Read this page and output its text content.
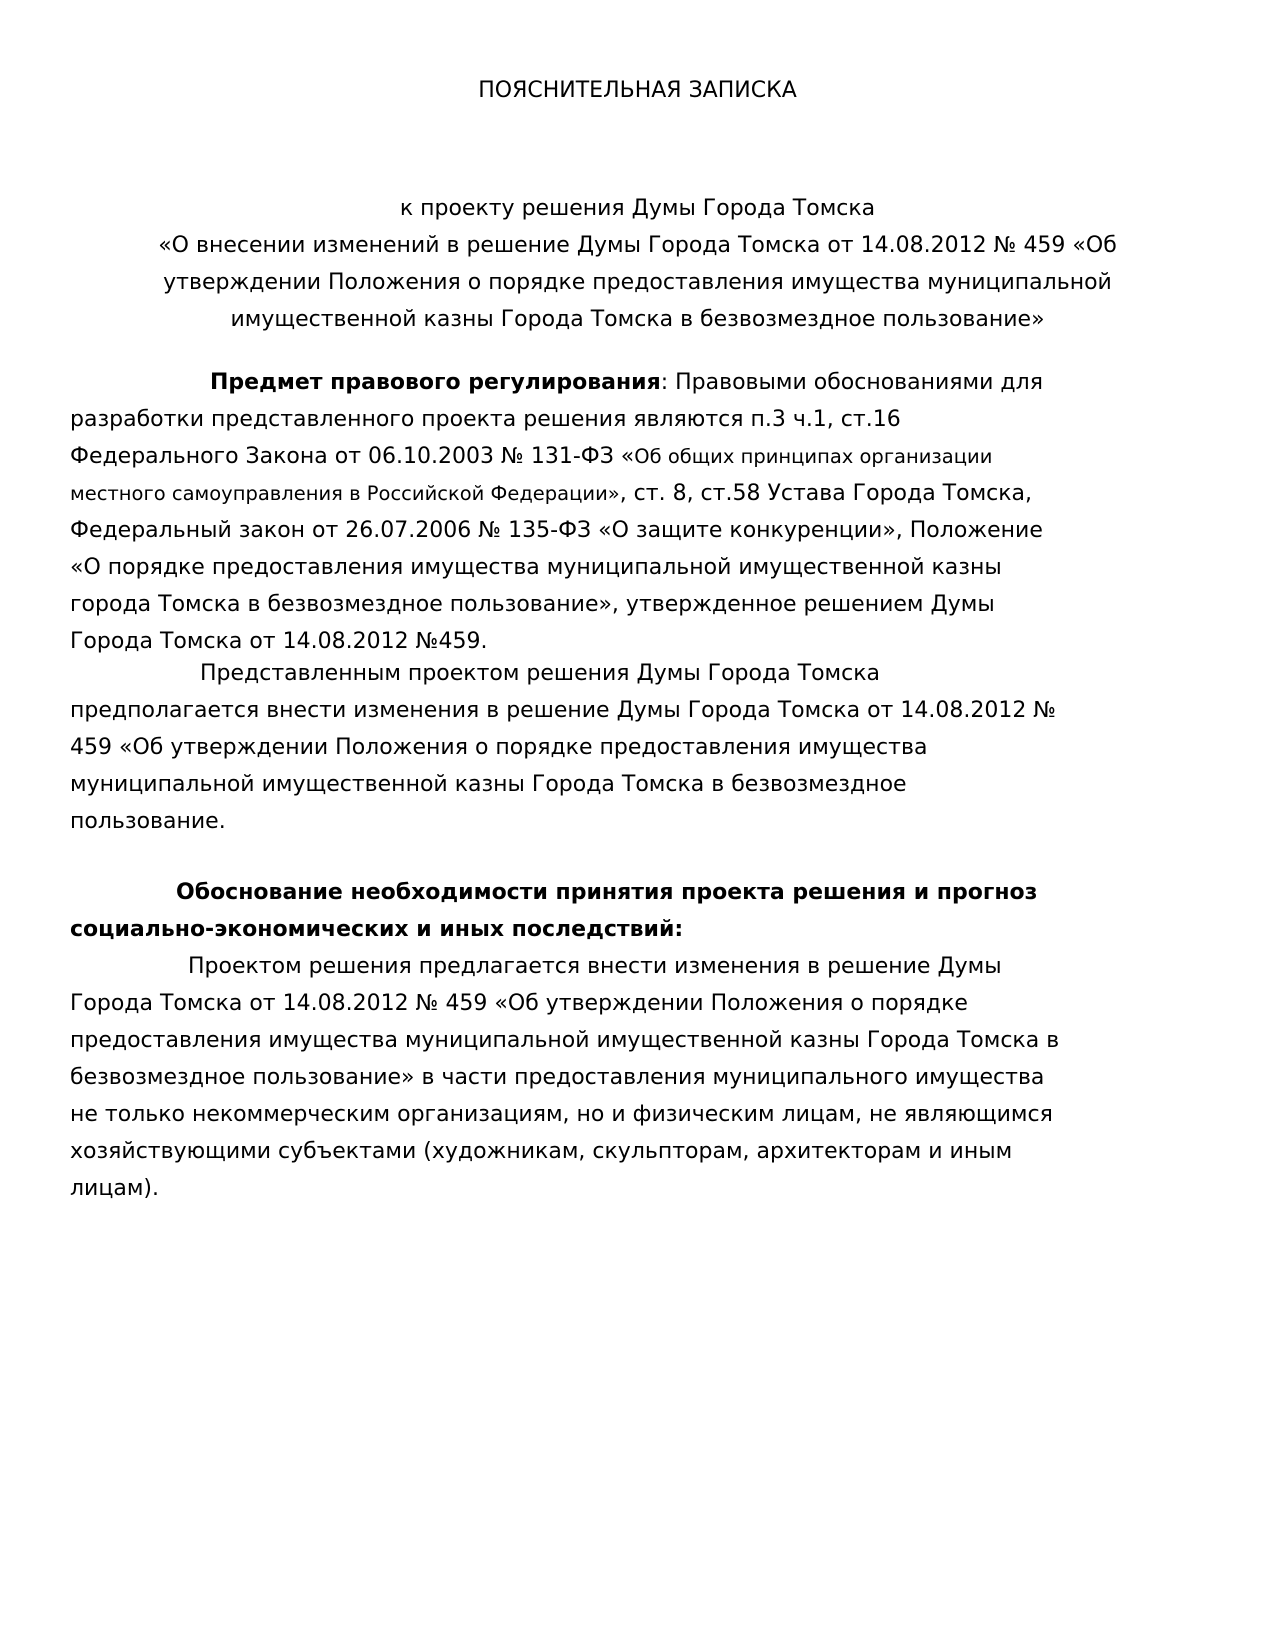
ПОЯСНИТЕЛЬНАЯ ЗАПИСКА
к проекту решения Думы Города Томска
«О внесении изменений в решение Думы Города Томска от 14.08.2012 № 459 «Об
утверждении Положения о порядке предоставления имущества муниципальной
имущественной казны Города Томска в безвозмездное пользование»
Предмет правового регулирования: Правовыми обоснованиями для
разработки представленного проекта решения являются п.3 ч.1, ст.16
Федерального Закона от 06.10.2003 № 131-ФЗ «Об общих принципах организации
местного самоуправления в Российской Федерации», ст. 8, ст.58 Устава Города Томска,
Федеральный закон от 26.07.2006 № 135-ФЗ «О защите конкуренции», Положение
«О порядке предоставления имущества муниципальной имущественной казны
города Томска в безвозмездное пользование», утвержденное решением Думы
Города Томска от 14.08.2012 №459.
Представленным проектом решения Думы Города Томска
предполагается внести изменения в решение Думы Города Томска от 14.08.2012 №
459 «Об утверждении Положения о порядке предоставления имущества
муниципальной имущественной казны Города Томска в безвозмездное
пользование.
Обоснование необходимости принятия проекта решения и прогноз
социально-экономических и иных последствий:
Проектом решения предлагается внести изменения в решение Думы
Города Томска от 14.08.2012 № 459 «Об утверждении Положения о порядке
предоставления имущества муниципальной имущественной казны Города Томска в
безвозмездное пользование» в части предоставления муниципального имущества
не только некоммерческим организациям, но и физическим лицам, не являющимся
хозяйствующими субъектами (художникам, скульпторам, архитекторам и иным
лицам).
